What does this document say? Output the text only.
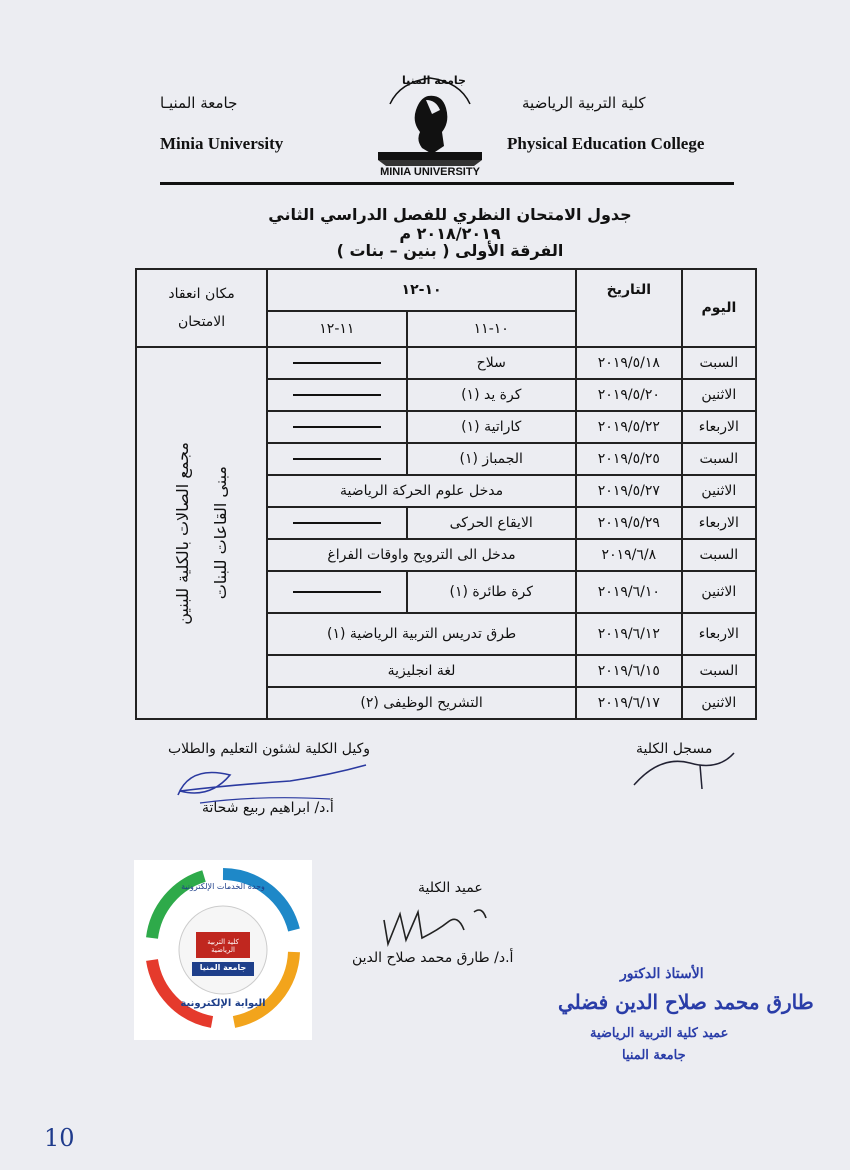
جامعة المنيـا	كلية التربية الرياضية
Minia University	Physical Education College
جامعة المنيا
MINIA UNIVERSITY
جدول الامتحان النظري للفصل الدراسي الثاني ٢٠١٨/٢٠١٩ م
الفرقة الأولى ( بنين – بنات )
اليوم	التاريخ	١٠-١٢		مكان انعقاد الامتحان
		١٠-١١	١١-١٢	
السبت	٢٠١٩/٥/١٨	سلاح		مجمع الصالات بالكلية للبنين مبنى القاعات للبنات

الاثنين	٢٠١٩/٥/٢٠	كرة يد (١)		
الاربعاء	٢٠١٩/٥/٢٢	كاراتية (١)		
السبت	٢٠١٩/٥/٢٥	الجمباز (١)		
الاثنين	٢٠١٩/٥/٢٧	مدخل علوم الحركة الرياضية		
الاربعاء	٢٠١٩/٥/٢٩	الايقاع الحركى		
السبت	٢٠١٩/٦/٨	مدخل الى الترويح واوقات الفراغ		
الاثنين	٢٠١٩/٦/١٠	كرة طائرة (١)		
الاربعاء	٢٠١٩/٦/١٢	طرق تدريس التربية الرياضية (١)		
السبت	٢٠١٩/٦/١٥	لغة انجليزية		
الاثنين	٢٠١٩/٦/١٧	التشريح الوظيفى (٢)		
مسجل الكلية
وكيل الكلية لشئون التعليم والطلاب
أ.د/ ابراهيم ربيع شحاتة
عميد الكلية
أ.د/ طارق محمد صلاح الدين
الأستاذ الدكتور
طارق محمد صلاح الدين فضلي
عميد كلية التربية الرياضية
جامعة المنيا
وحدة الخدمات الإلكترونية
كلية التربية الرياضية
جامعة المنيا
البوابة الإلكترونية
10
